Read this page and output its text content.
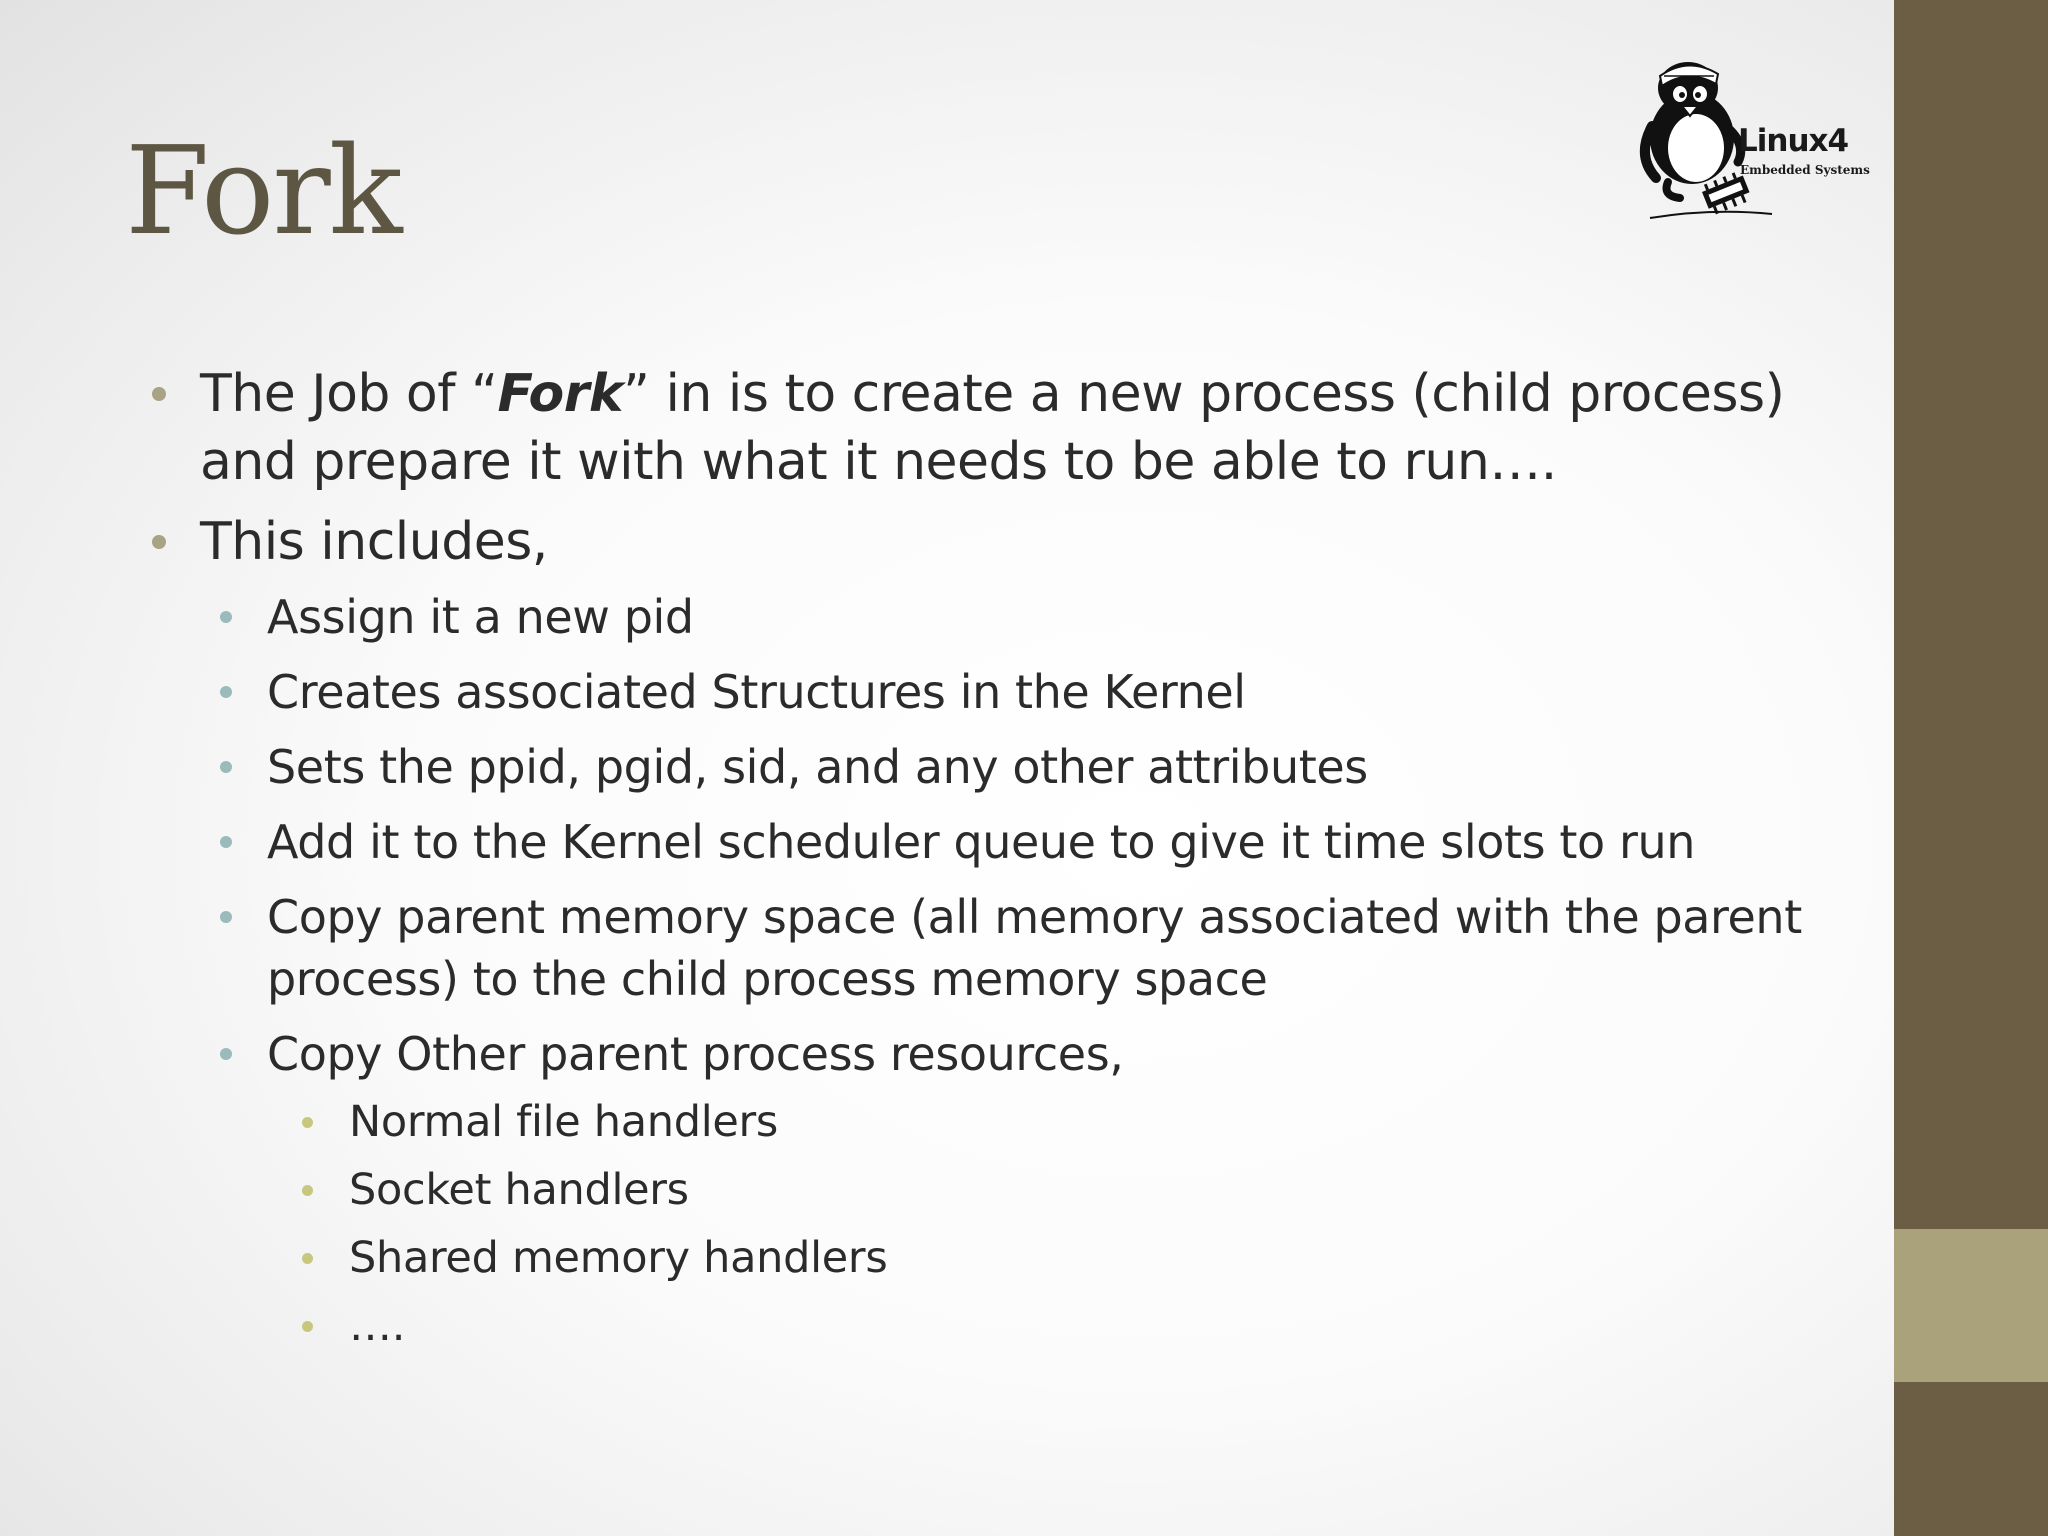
Fork	Linux4
Embedded Systems
The Job of “Fork” in is to create a new process (child process) and prepare it with what it needs to be able to run….
This includes,
Assign it a new pid
Creates associated Structures in the Kernel
Sets the ppid, pgid, sid, and any other attributes
Add it to the Kernel scheduler queue to give it time slots to run
Copy parent memory space (all memory associated with the parent process) to the child process memory space
Copy Other parent process resources,
Normal file handlers
Socket handlers
Shared memory handlers
….
